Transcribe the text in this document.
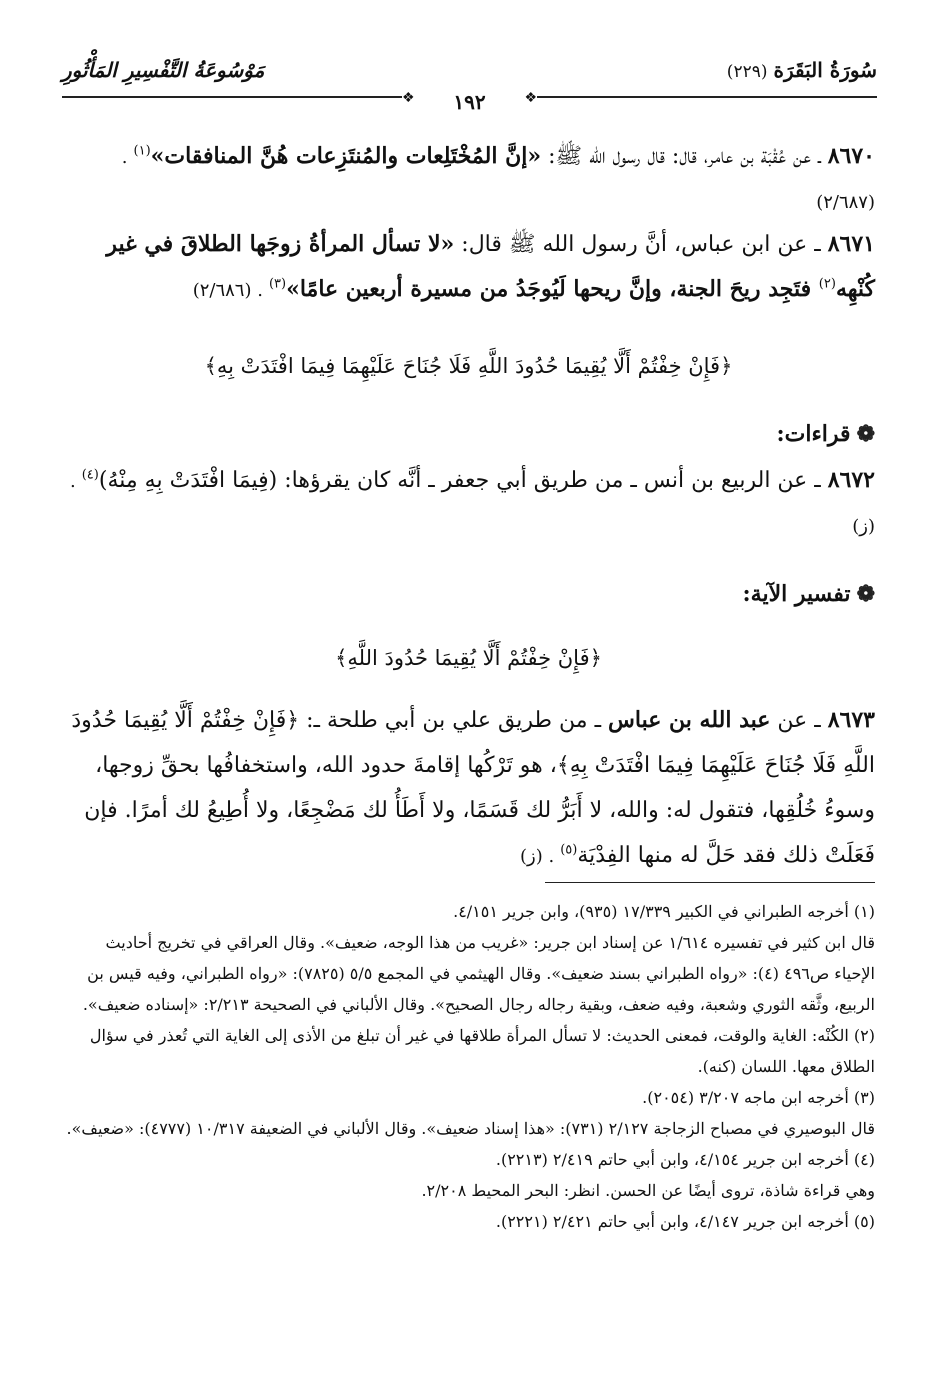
سُورَةُ البَقَرَة(٢٢٩)
مَوْسُوعَةُ التَّفْسِيرِ المَأْثُورِ
❖	❖
١٩٢
٨٦٧٠ ـ عن عُقْبَة بن عامر، قال: قال رسول الله ﷺ: «إنَّ المُخْتَلِعات والمُنتَزِعات هُنَّ المنافقات»$^{(١)}$. (٢/٦٨٧)
٨٦٧١ ـ عن ابن عباس، أنَّ رسول الله ﷺ قال: «لا تسأل المرأةُ زوجَها الطلاقَ في غير كُنْهِه$^{(٢)}$ فتَجِد ريحَ الجنة، وإنَّ ريحها لَيُوجَدُ من مسيرة أربعين عامًا»$^{(٣)}$. (٢/٦٨٦)
﴿فَإِنْ خِفْتُمْ أَلَّا يُقِيمَا حُدُودَ اللَّهِ فَلَا جُنَاحَ عَلَيْهِمَا فِيمَا افْتَدَتْ بِهِ﴾
❁قراءات:
٨٦٧٢ ـ عن الربيع بن أنس ـ من طريق أبي جعفر ـ أنَّه كان يقرؤها: (فِيمَا افْتَدَتْ بِهِ مِنْهُ)$^{(٤)}$. (ز)
❁تفسير الآية:
﴿فَإِنْ خِفْتُمْ أَلَّا يُقِيمَا حُدُودَ اللَّهِ﴾
٨٦٧٣ ـ عن عبد الله بن عباس ـ من طريق علي بن أبي طلحة ـ: ﴿فَإِنْ خِفْتُمْ أَلَّا يُقِيمَا حُدُودَ اللَّهِ فَلَا جُنَاحَ عَلَيْهِمَا فِيمَا افْتَدَتْ بِهِ﴾، هو تَرْكُها إقامةَ حدود الله، واستخفافُها بحقِّ زوجها، وسوءُ خُلُقِها، فتقول له: والله، لا أَبَرُّ لك قَسَمًا، ولا أَطَأُ لك مَضْجِعًا، ولا أُطِيعُ لك أمرًا. فإن فَعَلَتْ ذلك فقد حَلَّ له منها الفِدْيَة$^{(٥)}$. (ز)

(١) أخرجه الطبراني في الكبير ١٧/٣٣٩ (٩٣٥)، وابن جرير ٤/١٥١.

قال ابن كثير في تفسيره ١/٦١٤ عن إسناد ابن جرير: «غريب من هذا الوجه، ضعيف». وقال العراقي في تخريج أحاديث الإحياء ص٤٩٦ (٤): «رواه الطبراني بسند ضعيف». وقال الهيثمي في المجمع ٥/٥ (٧٨٢٥): «رواه الطبراني، وفيه قيس بن الربيع، وثَّقه الثوري وشعبة، وفيه ضعف، وبقية رجاله رجال الصحيح». وقال الألباني في الصحيحة ٢/٢١٣: «إسناده ضعيف».

(٢) الكُنْه: الغاية والوقت، فمعنى الحديث: لا تسأل المرأة طلاقها في غير أن تبلغ من الأذى إلى الغاية التي تُعذر في سؤال الطلاق معها. اللسان (كنه).

(٣) أخرجه ابن ماجه ٣/٢٠٧ (٢٠٥٤).

قال البوصيري في مصباح الزجاجة ٢/١٢٧ (٧٣١): «هذا إسناد ضعيف». وقال الألباني في الضعيفة ١٠/٣١٧ (٤٧٧٧): «ضعيف».

(٤) أخرجه ابن جرير ٤/١٥٤، وابن أبي حاتم ٢/٤١٩ (٢٢١٣).

وهي قراءة شاذة، تروى أيضًا عن الحسن. انظر: البحر المحيط ٢/٢٠٨.

(٥) أخرجه ابن جرير ٤/١٤٧، وابن أبي حاتم ٢/٤٢١ (٢٢٢١).
